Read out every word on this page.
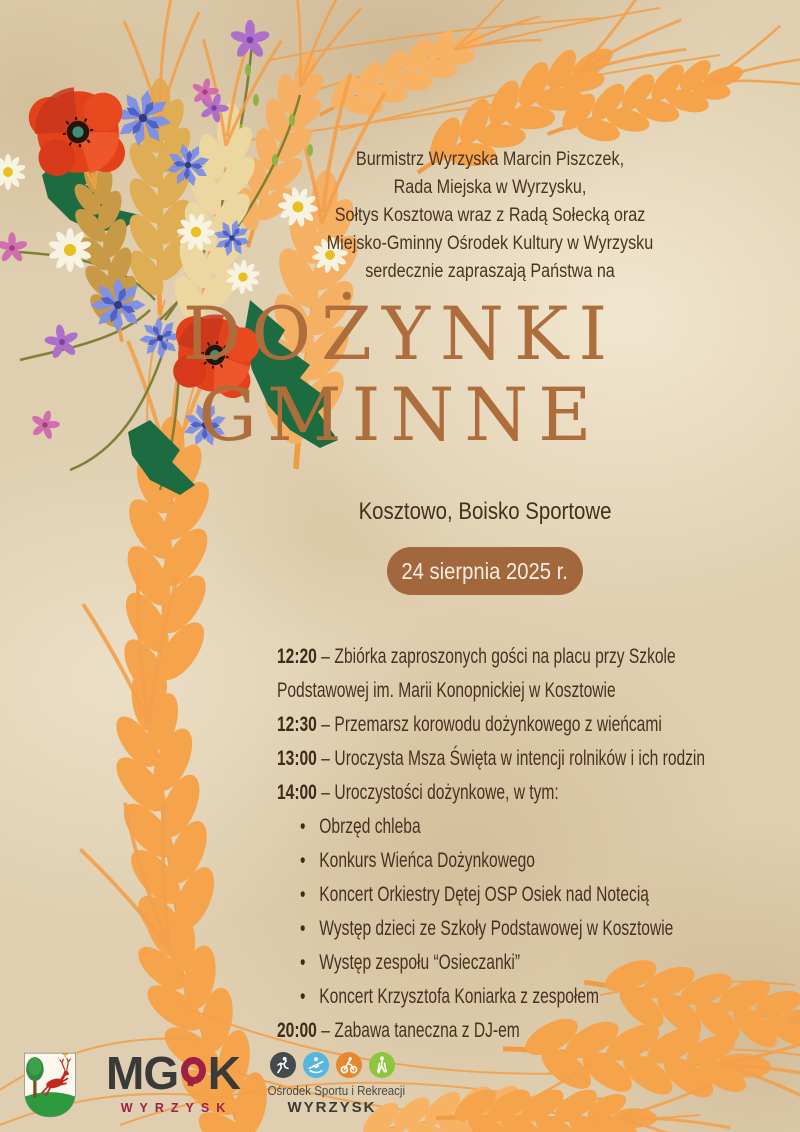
Burmistrz Wyrzyska Marcin Piszczek,
Rada Miejska w Wyrzysku,
Sołtys Kosztowa wraz z Radą Sołecką oraz
Miejsko-Gminny Ośrodek Kultury w Wyrzysku
serdecznie zapraszają Państwa na
DOŻYNKI
GMINNE
Kosztowo, Boisko Sportowe
24 sierpnia 2025 r.
12:20 – Zbiórka zaproszonych gości na placu przy Szkole Podstawowej im. Marii Konopnickiej w Kosztowie
12:30 – Przemarsz korowodu dożynkowego z wieńcami
13:00 – Uroczysta Msza Święta w intencji rolników i ich rodzin
14:00 – Uroczystości dożynkowe, w tym:
• Obrzęd chleba
• Konkurs Wieńca Dożynkowego
• Koncert Orkiestry Dętej OSP Osiek nad Notecią
• Występ dzieci ze Szkoły Podstawowej w Kosztowie
• Występ zespołu “Osieczanki”
• Koncert Krzysztofa Koniarka z zespołem
20:00 – Zabawa taneczna z DJ-em
MG K
WYRZYSK
Ośrodek Sportu i Rekreacji
WYRZYSK
